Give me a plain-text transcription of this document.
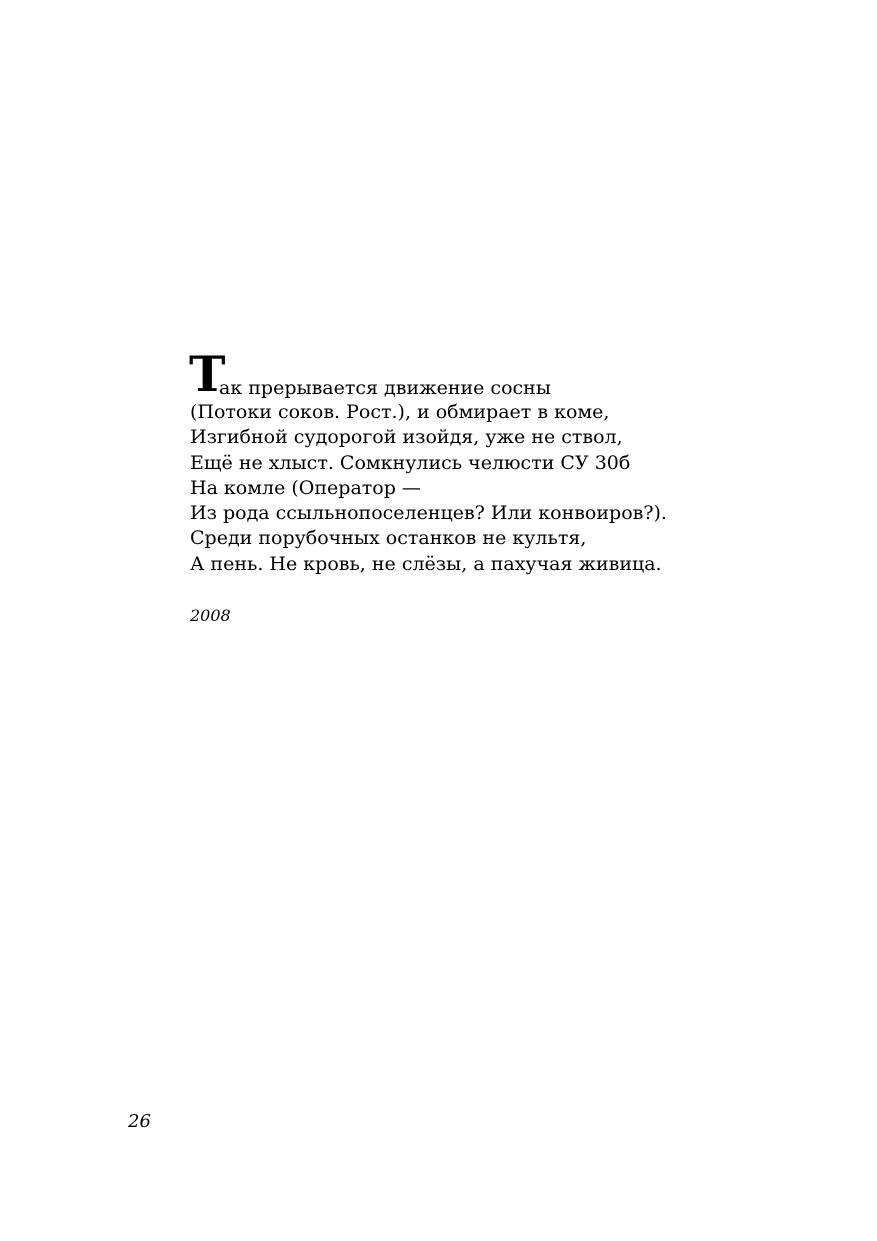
Т
ак прерывается движение сосны
(Потоки соков. Рост.), и обмирает в коме,
Изгибной судорогой изойдя, уже не ствол,
Ещё не хлыст. Сомкнулись челюсти СУ 30б
На комле (Оператор —
Из рода ссыльнопоселенцев? Или конвоиров?).
Среди порубочных останков не культя,
А пень. Не кровь, не слёзы, а пахучая живица.
2008
26
